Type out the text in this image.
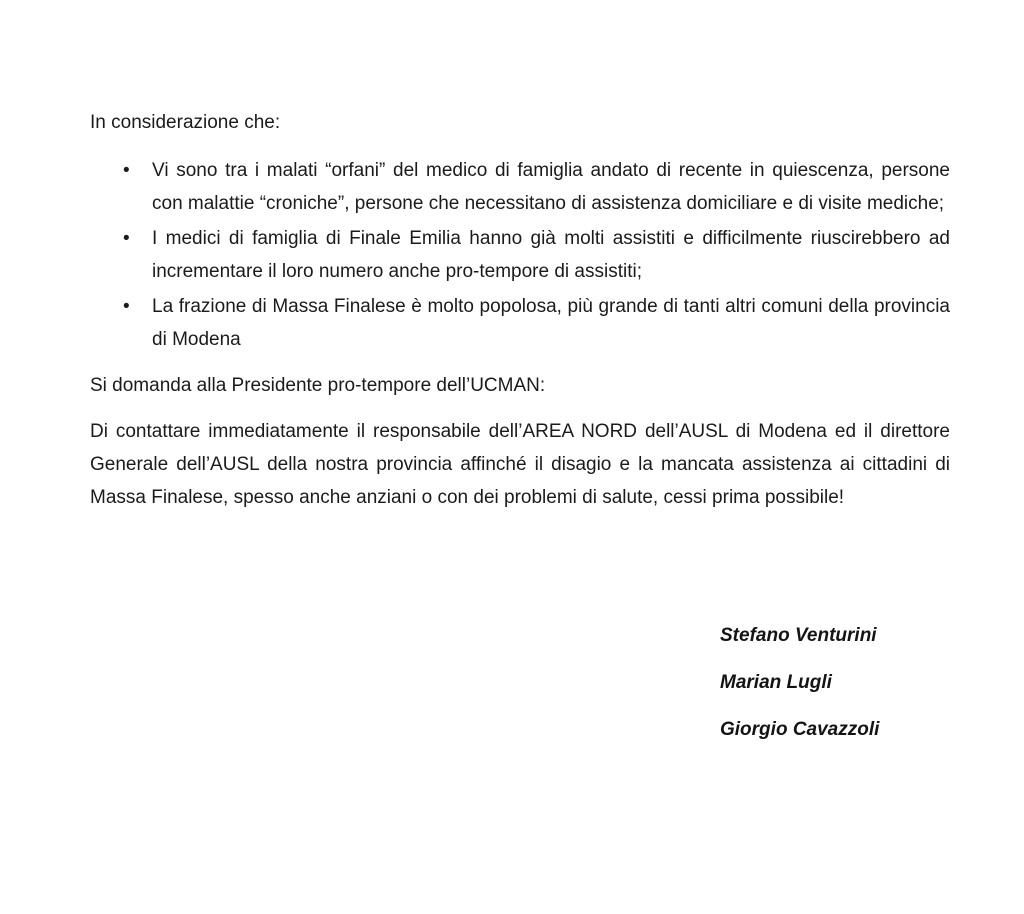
In considerazione che:

•	Vi sono tra i malati “orfani” del medico di famiglia andato di recente in quiescenza, persone con malattie “croniche”, persone che necessitano di assistenza domiciliare e di visite mediche;
•	I medici di famiglia di Finale Emilia hanno già molti assistiti e difficilmente riuscirebbero ad incrementare il loro numero anche pro-tempore di assistiti;
•	La frazione di Massa Finalese è molto popolosa, più grande di tanti altri comuni della provincia di Modena

Si domanda alla Presidente pro-tempore dell’UCMAN:

Di contattare immediatamente il responsabile dell’AREA NORD dell’AUSL di Modena ed il direttore Generale dell’AUSL della nostra provincia affinché il disagio e la mancata assistenza ai cittadini di Massa Finalese, spesso anche anziani o con dei problemi di salute, cessi prima possibile!

Stefano Venturini

Marian Lugli

Giorgio Cavazzoli
